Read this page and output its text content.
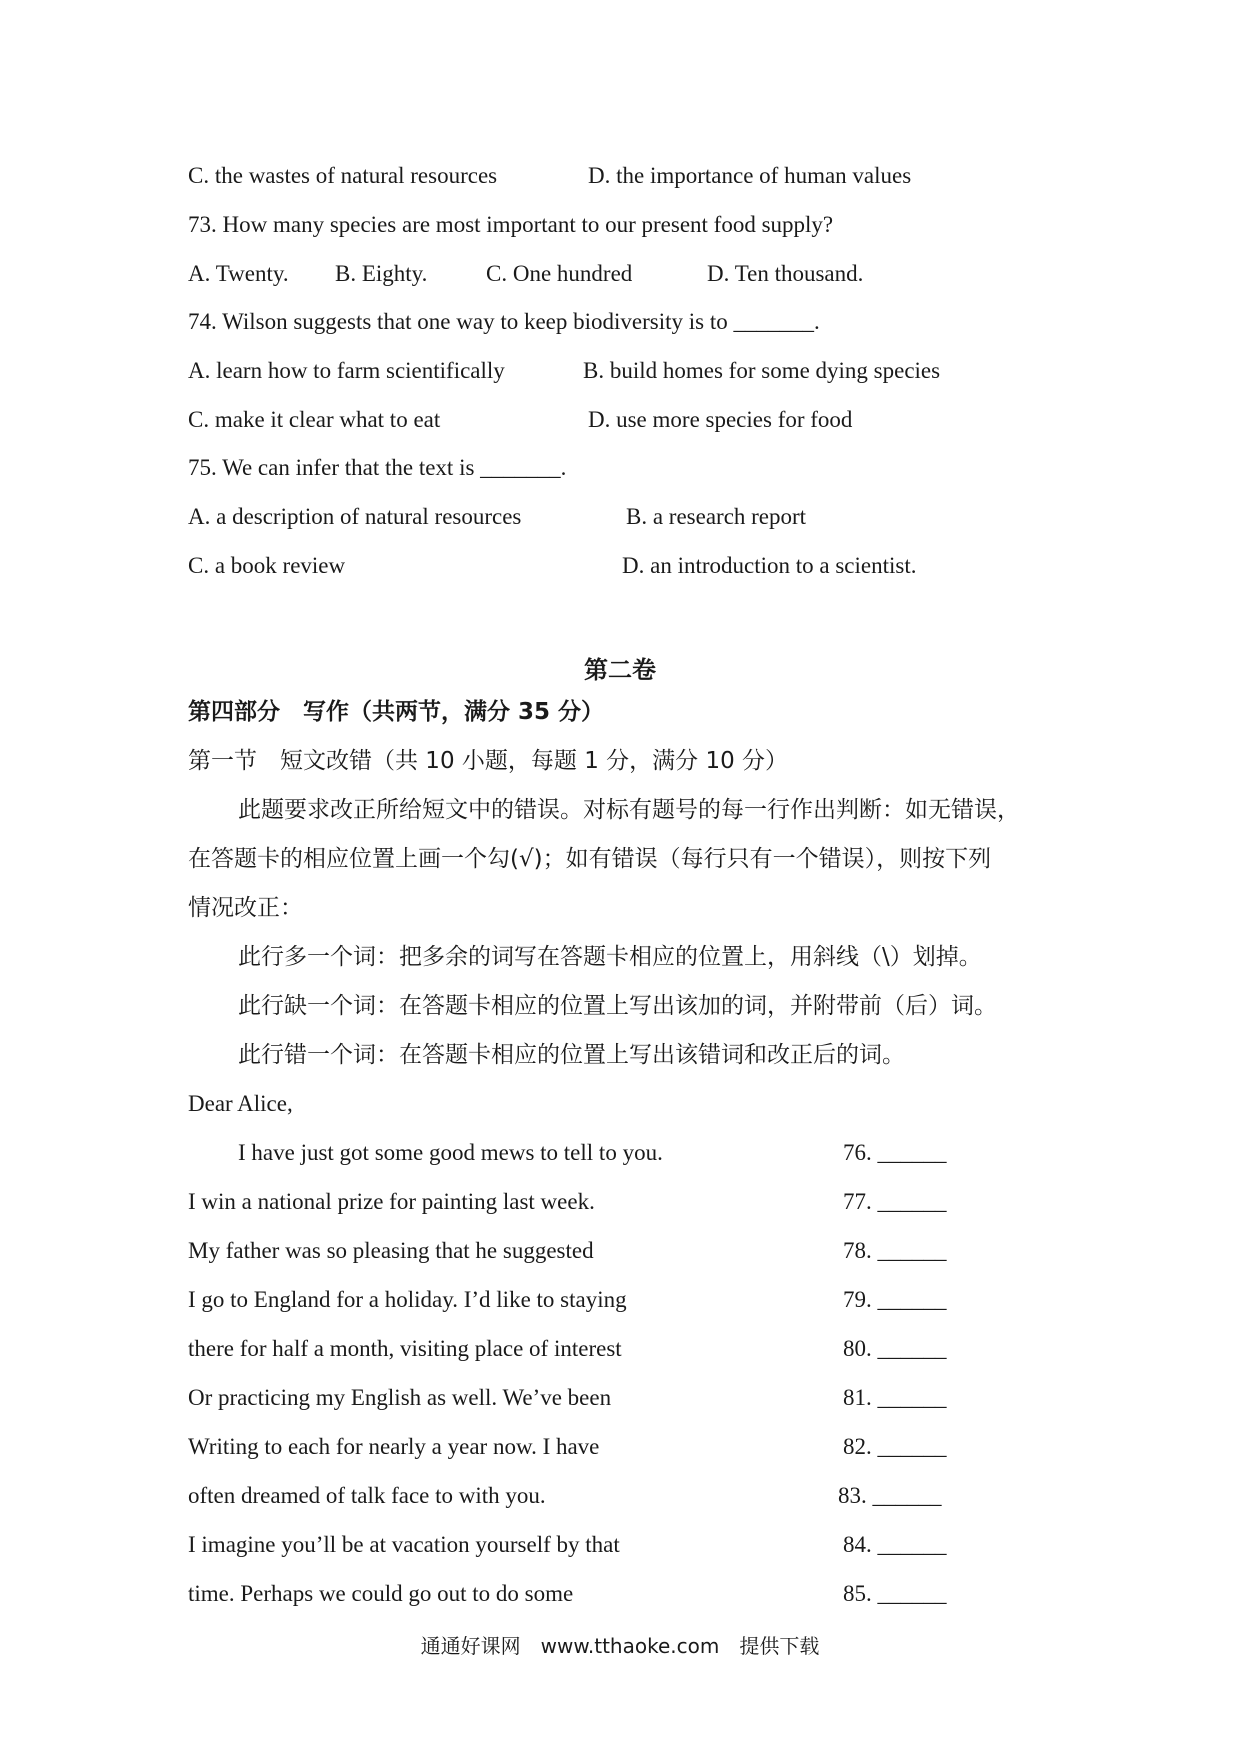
C. the wastes of natural resources	D. the importance of human values
73. How many species are most important to our present food supply?
A. Twenty. B. Eighty.	C. One hundred	D. Ten thousand.
74. Wilson suggests that one way to keep biodiversity is to _______.
A. learn how to farm scientifically	B. build homes for some dying species
C. make it clear what to eat	D. use more species for food
75. We can infer that the text is _______.
A. a description of natural resources	B. a research report
C. a book review	D. an introduction to a scientist.
第二卷
第四部分　写作（共两节，满分 35 分）
第一节　短文改错（共 10 小题，每题 1 分，满分 10 分）
此题要求改正所给短文中的错误。对标有题号的每一行作出判断：如无错误，
在答题卡的相应位置上画一个勾(√)；如有错误（每行只有一个错误），则按下列
情况改正：
此行多一个词：把多余的词写在答题卡相应的位置上，用斜线（\）划掉。
此行缺一个词：在答题卡相应的位置上写出该加的词，并附带前（后）词。
此行错一个词：在答题卡相应的位置上写出该错词和改正后的词。
Dear Alice,
I have just got some good mews to tell to you.	76. ______
I win a national prize for painting last week.	77. ______
My father was so pleasing that he suggested	78. ______
I go to England for a holiday. I’d like to staying	79. ______
there for half a month, visiting place of interest	80. ______
Or practicing my English as well. We’ve been	81. ______
Writing to each for nearly a year now. I have	82. ______
often dreamed of talk face to with you.	83. ______
I imagine you’ll be at vacation yourself by that	84. ______
time. Perhaps we could go out to do some	85. ______
通通好课网　www.tthaoke.com　提供下载
